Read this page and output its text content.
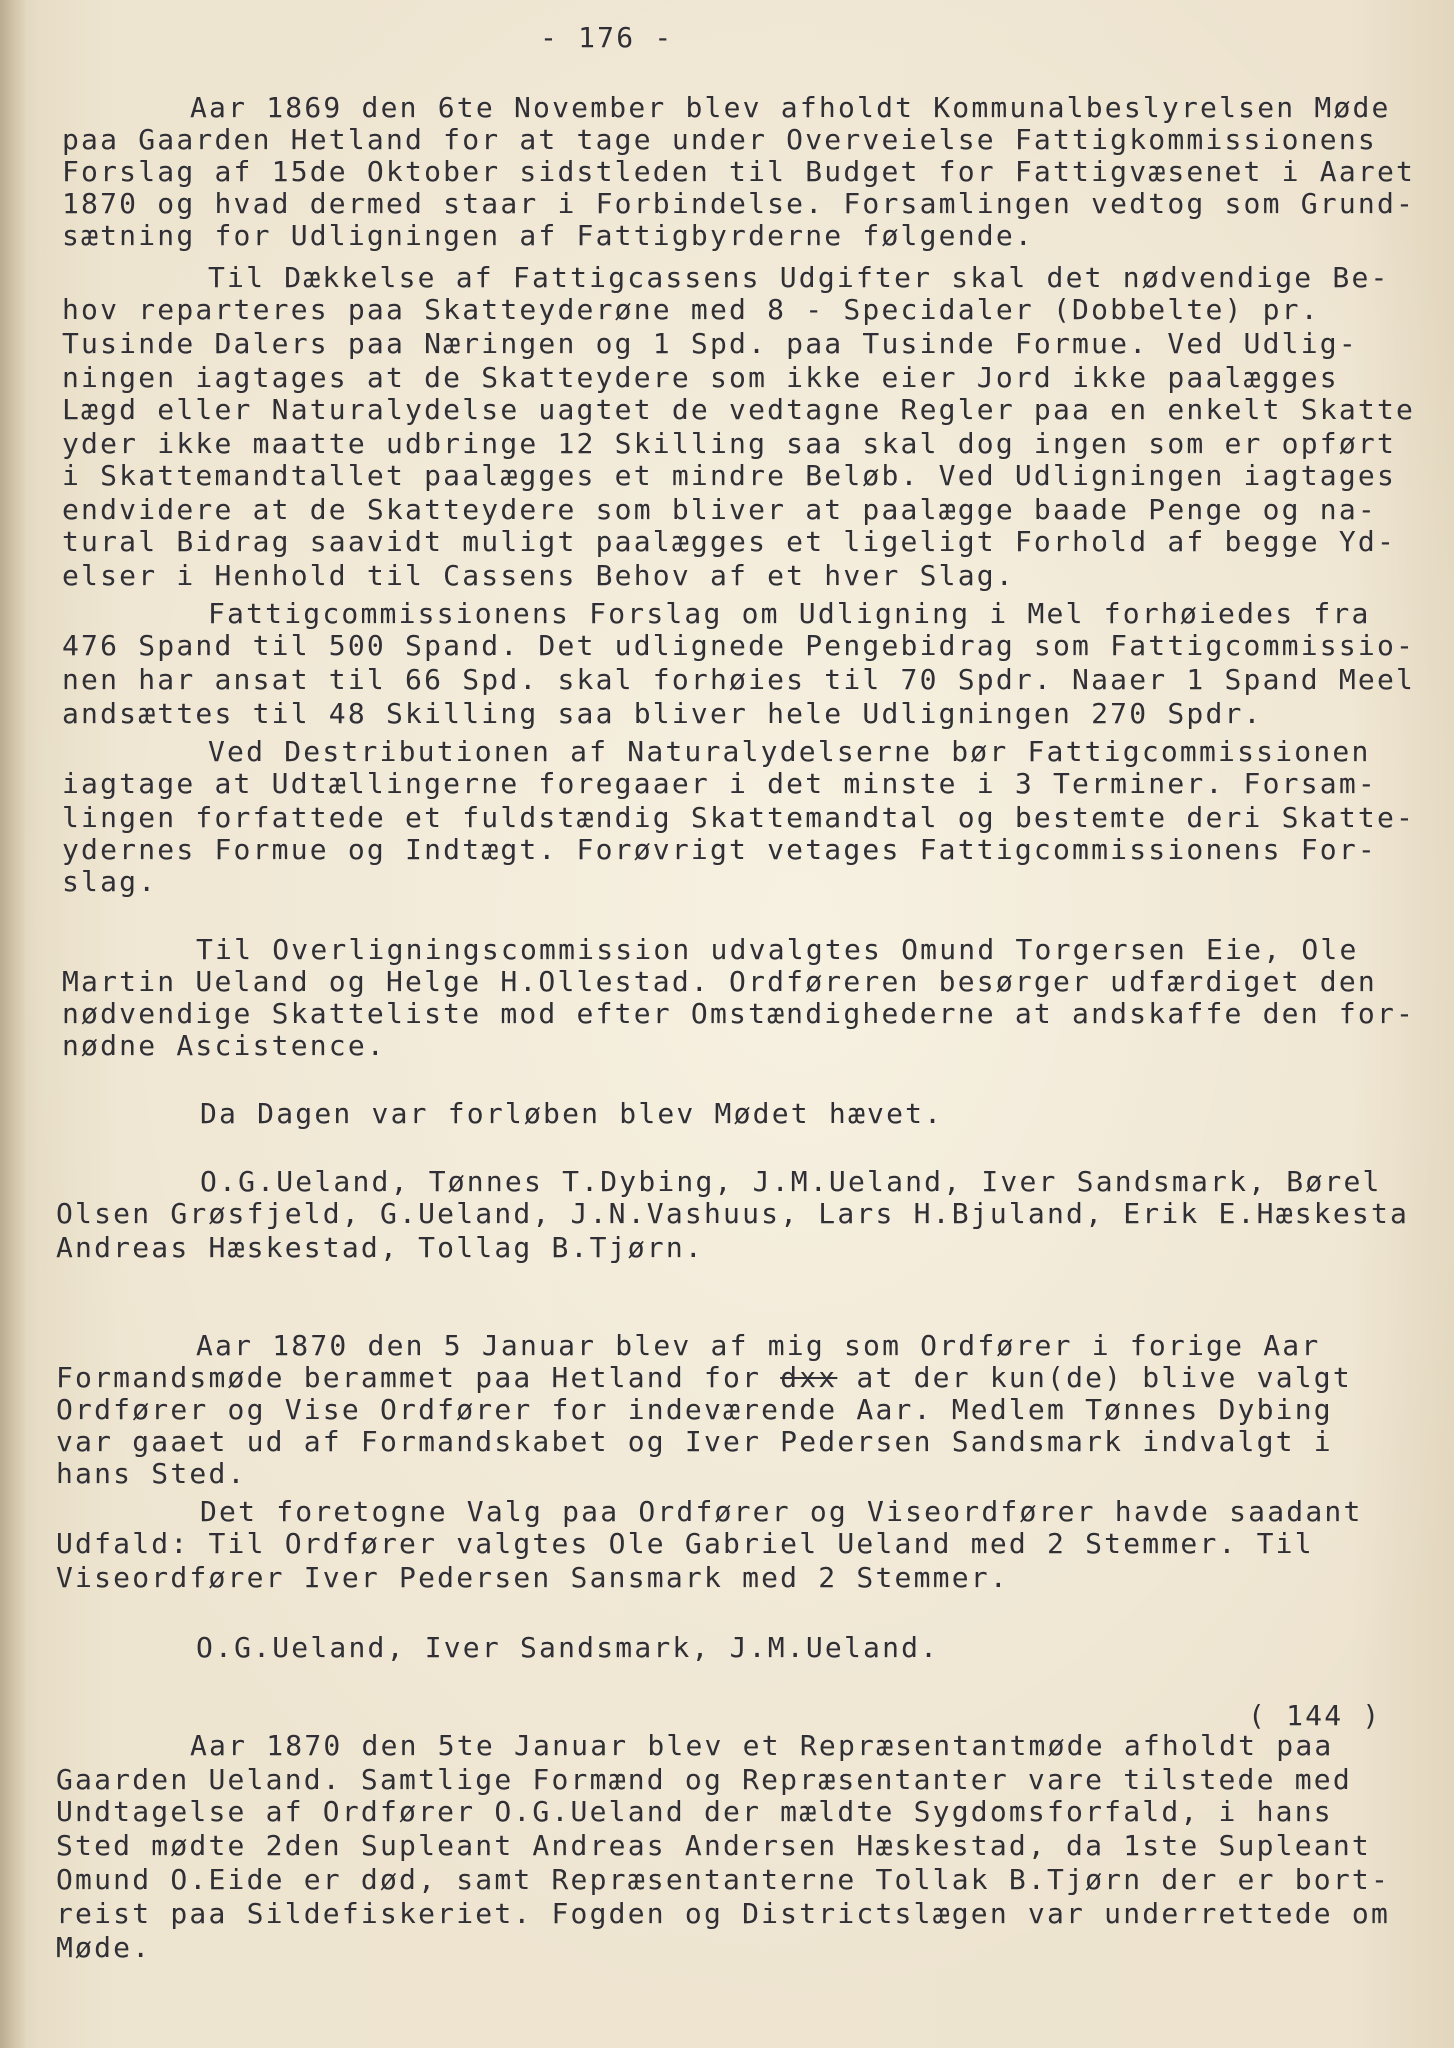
- 176 -
Aar 1869 den 6te November blev afholdt Kommunalbeslyrelsen Møde
paa Gaarden Hetland for at tage under Overveielse Fattigkommissionens
Forslag af 15de Oktober sidstleden til Budget for Fattigvæsenet i Aaret
1870 og hvad dermed staar i Forbindelse. Forsamlingen vedtog som Grund-
sætning for Udligningen af Fattigbyrderne følgende.
Til Dækkelse af Fattigcassens Udgifter skal det nødvendige Be-
hov reparteres paa Skatteyderøne med 8 - Specidaler (Dobbelte) pr.
Tusinde Dalers paa Næringen og 1 Spd. paa Tusinde Formue. Ved Udlig-
ningen iagtages at de Skatteydere som ikke eier Jord ikke paalægges
Lægd eller Naturalydelse uagtet de vedtagne Regler paa en enkelt Skatte
yder ikke maatte udbringe 12 Skilling saa skal dog ingen som er opført
i Skattemandtallet paalægges et mindre Beløb. Ved Udligningen iagtages
endvidere at de Skatteydere som bliver at paalægge baade Penge og na-
tural Bidrag saavidt muligt paalægges et ligeligt Forhold af begge Yd-
elser i Henhold til Cassens Behov af et hver Slag.
Fattigcommissionens Forslag om Udligning i Mel forhøiedes fra
476 Spand til 500 Spand. Det udlignede Pengebidrag som Fattigcommissio-
nen har ansat til 66 Spd. skal forhøies til 70 Spdr. Naaer 1 Spand Meel
andsættes til 48 Skilling saa bliver hele Udligningen 270 Spdr.
Ved Destributionen af Naturalydelserne bør Fattigcommissionen
iagtage at Udtællingerne foregaaer i det minste i 3 Terminer. Forsam-
lingen forfattede et fuldstændig Skattemandtal og bestemte deri Skatte-
ydernes Formue og Indtægt. Forøvrigt vetages Fattigcommissionens For-
slag.
Til Overligningscommission udvalgtes Omund Torgersen Eie, Ole
Martin Ueland og Helge H.Ollestad. Ordføreren besørger udfærdiget den
nødvendige Skatteliste mod efter Omstændighederne at andskaffe den for-
nødne Ascistence.
Da Dagen var forløben blev Mødet hævet.
O.G.Ueland, Tønnes T.Dybing, J.M.Ueland, Iver Sandsmark, Børel
Olsen Grøsfjeld, G.Ueland, J.N.Vashuus, Lars H.Bjuland, Erik E.Hæskesta
Andreas Hæskestad, Tollag B.Tjørn.
Aar 1870 den 5 Januar blev af mig som Ordfører i forige Aar
Formandsmøde berammet paa Hetland for dxx at der kun(de) blive valgt
Ordfører og Vise Ordfører for indeværende Aar. Medlem Tønnes Dybing
var gaaet ud af Formandskabet og Iver Pedersen Sandsmark indvalgt i
hans Sted.
Det foretogne Valg paa Ordfører og Viseordfører havde saadant
Udfald: Til Ordfører valgtes Ole Gabriel Ueland med 2 Stemmer. Til
Viseordfører Iver Pedersen Sansmark med 2 Stemmer.
O.G.Ueland, Iver Sandsmark, J.M.Ueland.
( 144 )
Aar 1870 den 5te Januar blev et Repræsentantmøde afholdt paa
Gaarden Ueland. Samtlige Formænd og Repræsentanter vare tilstede med
Undtagelse af Ordfører O.G.Ueland der mældte Sygdomsforfald, i hans
Sted mødte 2den Supleant Andreas Andersen Hæskestad, da 1ste Supleant
Omund O.Eide er død, samt Repræsentanterne Tollak B.Tjørn der er bort-
reist paa Sildefiskeriet. Fogden og Districtslægen var underrettede om
Møde.
